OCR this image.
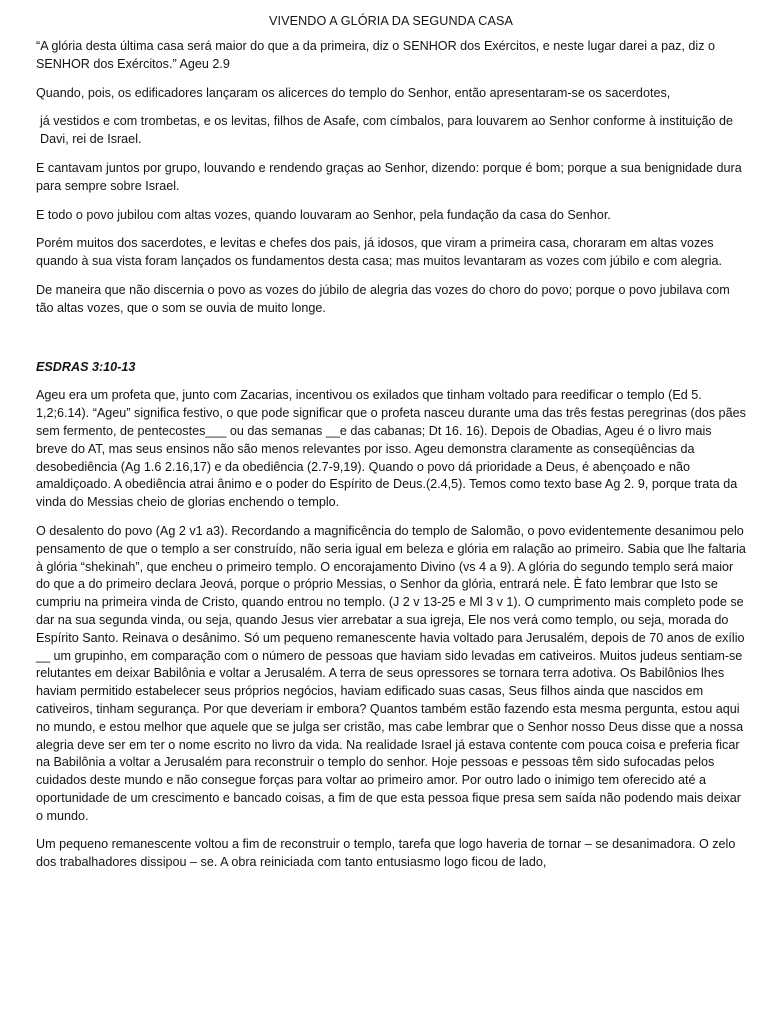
VIVENDO A GLÓRIA DA SEGUNDA CASA

“A glória desta última casa será maior do que a da primeira, diz o SENHOR dos Exércitos, e neste lugar darei a paz, diz o SENHOR dos Exércitos.” Ageu 2.9

Quando, pois, os edificadores lançaram os alicerces do templo do Senhor, então apresentaram-se os sacerdotes,

já vestidos e com trombetas, e os levitas, filhos de Asafe, com címbalos, para louvarem ao Senhor conforme à instituição de Davi, rei de Israel.

E cantavam juntos por grupo, louvando e rendendo graças ao Senhor, dizendo: porque é bom; porque a sua benignidade dura para sempre sobre Israel.

E todo o povo jubilou com altas vozes, quando louvaram ao Senhor, pela fundação da casa do Senhor.

Porém muitos dos sacerdotes, e levitas e chefes dos pais, já idosos, que viram a primeira casa, choraram em altas vozes quando à sua vista foram lançados os fundamentos desta casa; mas muitos levantaram as vozes com júbilo e com alegria.

De maneira que não discernia o povo as vozes do júbilo de alegria das vozes do choro do povo; porque o povo jubilava com tão altas vozes, que o som se ouvia de muito longe.

ESDRAS 3:10-13

Ageu era um profeta que, junto com Zacarias, incentivou os exilados que tinham voltado para reedificar o templo (Ed 5. 1,2;6.14). “Ageu” significa festivo, o que pode significar que o profeta nasceu durante uma das três festas peregrinas (dos pães sem fermento, de pentecostes___ ou das semanas __e das cabanas; Dt 16. 16). Depois de Obadias, Ageu é o livro mais breve do AT, mas seus ensinos não são menos relevantes por isso. Ageu demonstra claramente as conseqüências da desobediência (Ag 1.6 2.16,17) e da obediência (2.7-9,19). Quando o povo dá prioridade a Deus, é abençoado e não amaldiçoado. A obediência atrai ânimo e o poder do Espírito de Deus.(2.4,5). Temos como texto base Ag 2. 9, porque trata da vinda do Messias cheio de glorias enchendo o templo.

O desalento do povo (Ag 2 v1 a3). Recordando a magnificência do templo de Salomão, o povo evidentemente desanimou pelo pensamento de que o templo a ser construído, não seria igual em beleza e glória em ralação ao primeiro. Sabia que lhe faltaria à glória “shekinah”, que encheu o primeiro templo. O encorajamento Divino (vs 4 a 9). A glória do segundo templo será maior do que a do primeiro declara Jeová, porque o próprio Messias, o Senhor da glória, entrará nele. È fato lembrar que Isto se cumpriu na primeira vinda de Cristo, quando entrou no templo. (J 2 v 13-25 e Ml 3 v 1). O cumprimento mais completo pode se dar na sua segunda vinda, ou seja, quando Jesus vier arrebatar a sua igreja, Ele nos verá como templo, ou seja, morada do Espírito Santo. Reinava o desânimo. Só um pequeno remanescente havia voltado para Jerusalém, depois de 70 anos de exílio __ um grupinho, em comparação com o número de pessoas que haviam sido levadas em cativeiros. Muitos judeus sentiam-se relutantes em deixar Babilônia e voltar a Jerusalém. A terra de seus opressores se tornara terra adotiva. Os Babilônios lhes haviam permitido estabelecer seus próprios negócios, haviam edificado suas casas, Seus filhos ainda que nascidos em cativeiros, tinham segurança. Por que deveriam ir embora? Quantos também estão fazendo esta mesma pergunta, estou aqui no mundo, e estou melhor que aquele que se julga ser cristão, mas cabe lembrar que o Senhor nosso Deus disse que a nossa alegria deve ser em ter o nome escrito no livro da vida. Na realidade Israel já estava contente com pouca coisa e preferia ficar na Babilônia a voltar a Jerusalém para reconstruir o templo do senhor. Hoje pessoas e pessoas têm sido sufocadas pelos cuidados deste mundo e não consegue forças para voltar ao primeiro amor. Por outro lado o inimigo tem oferecido até a oportunidade de um crescimento e bancado coisas, a fim de que esta pessoa fique presa sem saída não podendo mais deixar o mundo.

Um pequeno remanescente voltou a fim de reconstruir o templo, tarefa que logo haveria de tornar – se desanimadora. O zelo dos trabalhadores dissipou – se. A obra reiniciada com tanto entusiasmo logo ficou de lado,
